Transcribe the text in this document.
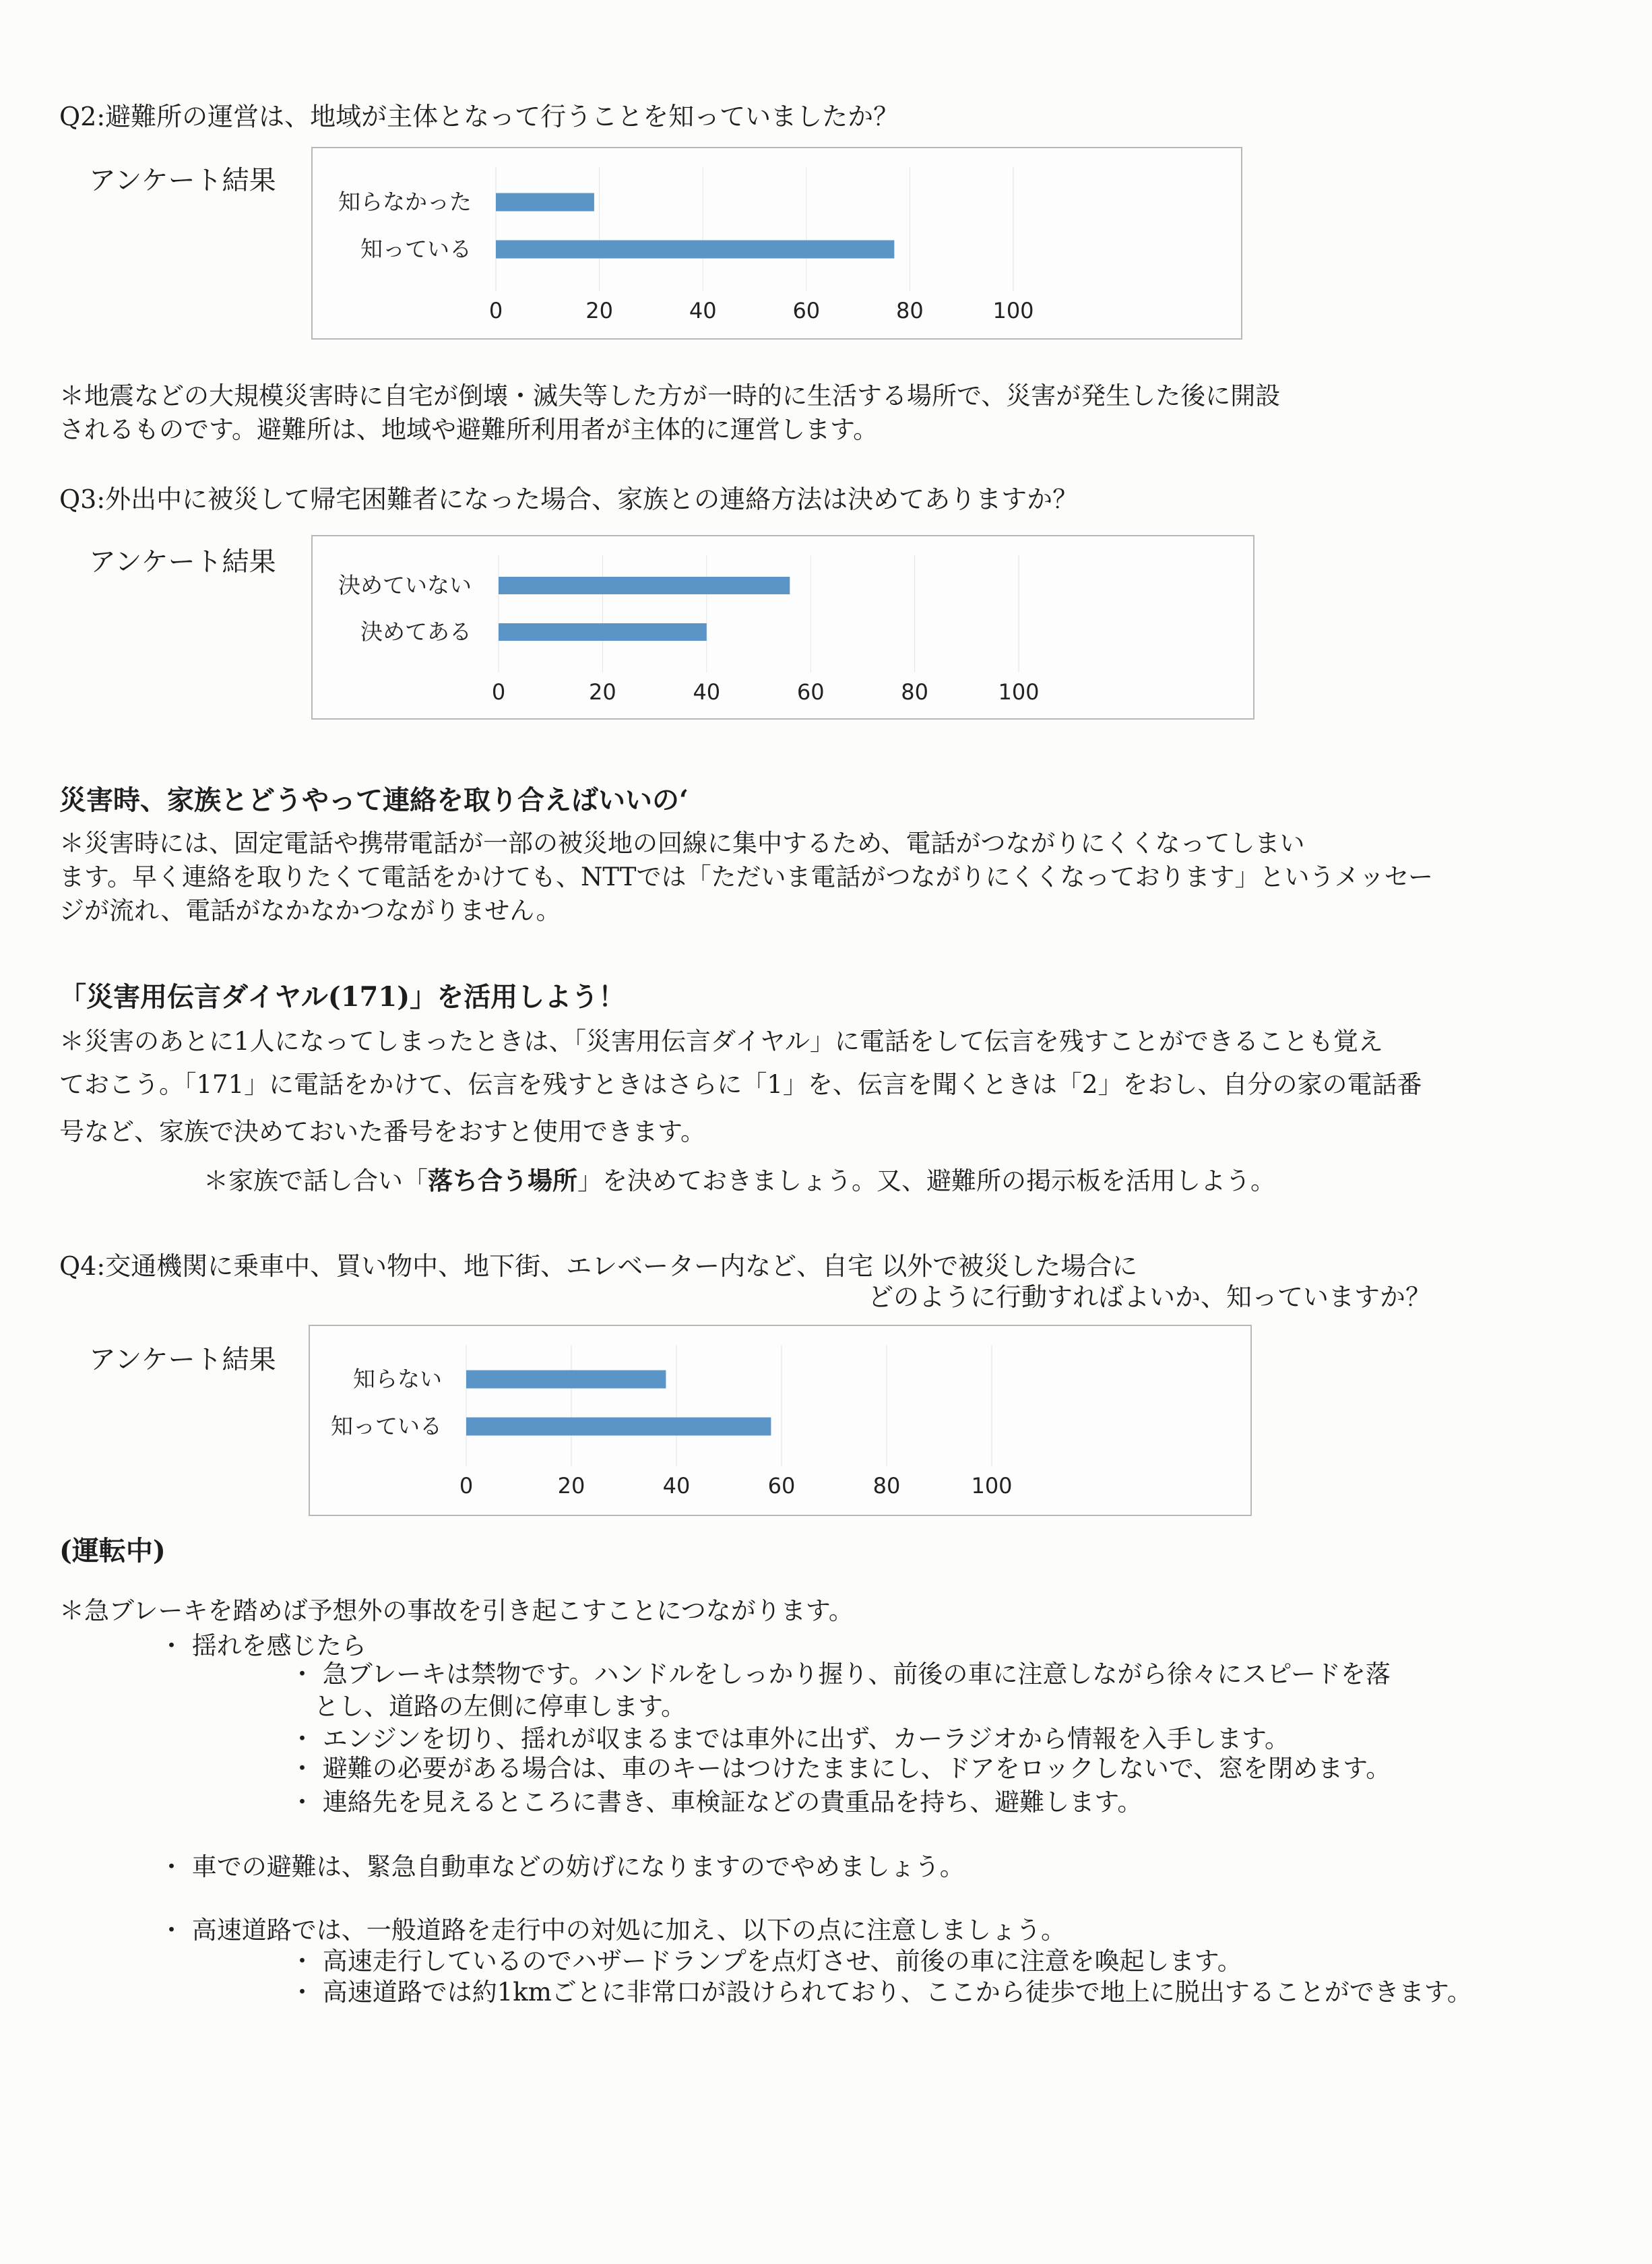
Q2:避難所の運営は、地域が主体となって行うことを知っていましたか？
アンケート結果
0	20	40	60	80	100
知らなかった
知っている
＊地震などの大規模災害時に自宅が倒壊・滅失等した方が一時的に生活する場所で、災害が発生した後に開設
されるものです。避難所は、地域や避難所利用者が主体的に運営します。
Q3:外出中に被災して帰宅困難者になった場合、家族との連絡方法は決めてありますか？
アンケート結果
0	20	40	60	80	100
決めていない
決めてある
災害時、家族とどうやって連絡を取り合えばいいの‘
＊災害時には、固定電話や携帯電話が一部の被災地の回線に集中するため、電話がつながりにくくなってしまい
ます。早く連絡を取りたくて電話をかけても、NTTでは「ただいま電話がつながりにくくなっております」というメッセー
ジが流れ、電話がなかなかつながりません。
「災害用伝言ダイヤル(171)」を活用しよう！
＊災害のあとに1人になってしまったときは、「災害用伝言ダイヤル」に電話をして伝言を残すことができることも覚え
ておこう。「171」に電話をかけて、伝言を残すときはさらに「1」を、伝言を聞くときは「2」をおし、自分の家の電話番
号など、家族で決めておいた番号をおすと使用できます。
＊家族で話し合い「落ち合う場所」を決めておきましょう。又、避難所の掲示板を活用しよう。
Q4:交通機関に乗車中、買い物中、地下街、エレベーター内など、自宅 以外で被災した場合に
どのように行動すればよいか、知っていますか？
アンケート結果
0	20	40	60	80	100
知らない
知っている
(運転中)
＊急ブレーキを踏めば予想外の事故を引き起こすことにつながります。
・ 揺れを感じたら
・ 急ブレーキは禁物です。ハンドルをしっかり握り、前後の車に注意しながら徐々にスピードを落
とし、道路の左側に停車します。
・ エンジンを切り、揺れが収まるまでは車外に出ず、カーラジオから情報を入手します。
・ 避難の必要がある場合は、車のキーはつけたままにし、ドアをロックしないで、窓を閉めます。
・ 連絡先を見えるところに書き、車検証などの貴重品を持ち、避難します。
・ 車での避難は、緊急自動車などの妨げになりますのでやめましょう。
・ 高速道路では、一般道路を走行中の対処に加え、以下の点に注意しましょう。
・ 高速走行しているのでハザードランプを点灯させ、前後の車に注意を喚起します。
・ 高速道路では約1kmごとに非常口が設けられており、ここから徒歩で地上に脱出することができます。
